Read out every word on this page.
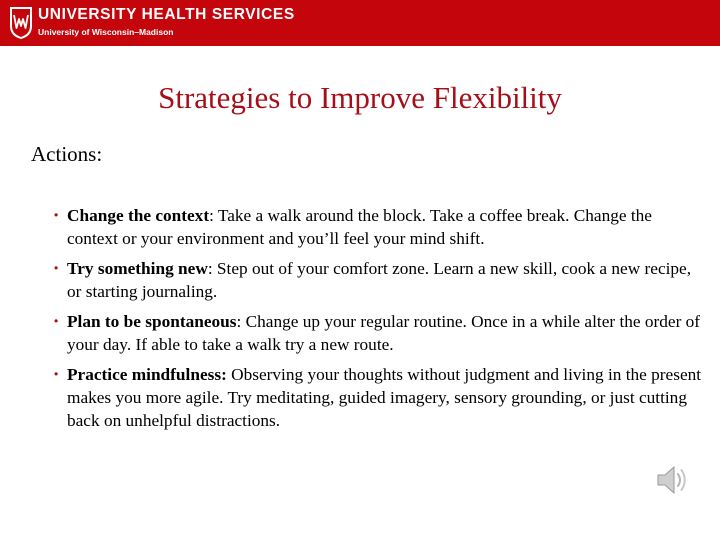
UNIVERSITY HEALTH SERVICES
University of Wisconsin–Madison
Strategies to Improve Flexibility
Actions:
• Change the context: Take a walk around the block. Take a coffee break. Change the context or your environment and you’ll feel your mind shift.
• Try something new: Step out of your comfort zone. Learn a new skill, cook a new recipe, or starting journaling.
• Plan to be spontaneous: Change up your regular routine. Once in a while alter the order of your day. If able to take a walk try a new route.
• Practice mindfulness: Observing your thoughts without judgment and living in the present makes you more agile. Try meditating, guided imagery, sensory grounding, or just cutting back on unhelpful distractions.
